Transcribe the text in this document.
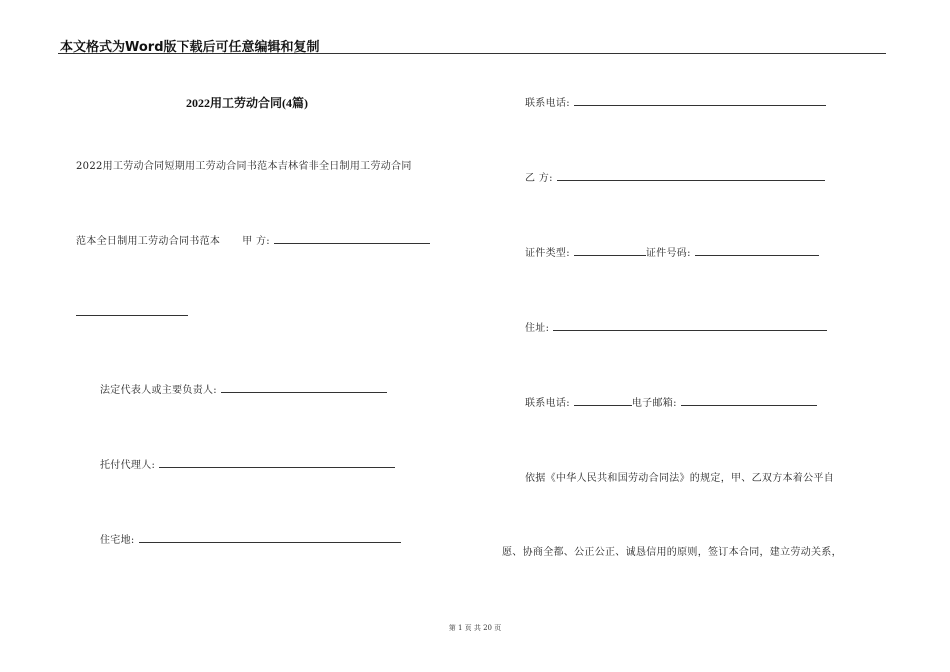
本文格式为Word版下载后可任意编辑和复制
2022用工劳动合同(4篇)
2022用工劳动合同短期用工劳动合同书范本吉林省非全日制用工劳动合同
范本全日制用工劳动合同书范本 甲 方:
法定代表人或主要负责人:
托付代理人:
住宅地:
联系电话:
乙 方:
证件类型:	证件号码:
住址:
联系电话:	电子邮箱:
依据《中华人民共和国劳动合同法》的规定，甲、乙双方本着公平自
愿、协商全都、公正公正、诚恳信用的原则，签订本合同，建立劳动关系，
第 1 页 共 20 页
